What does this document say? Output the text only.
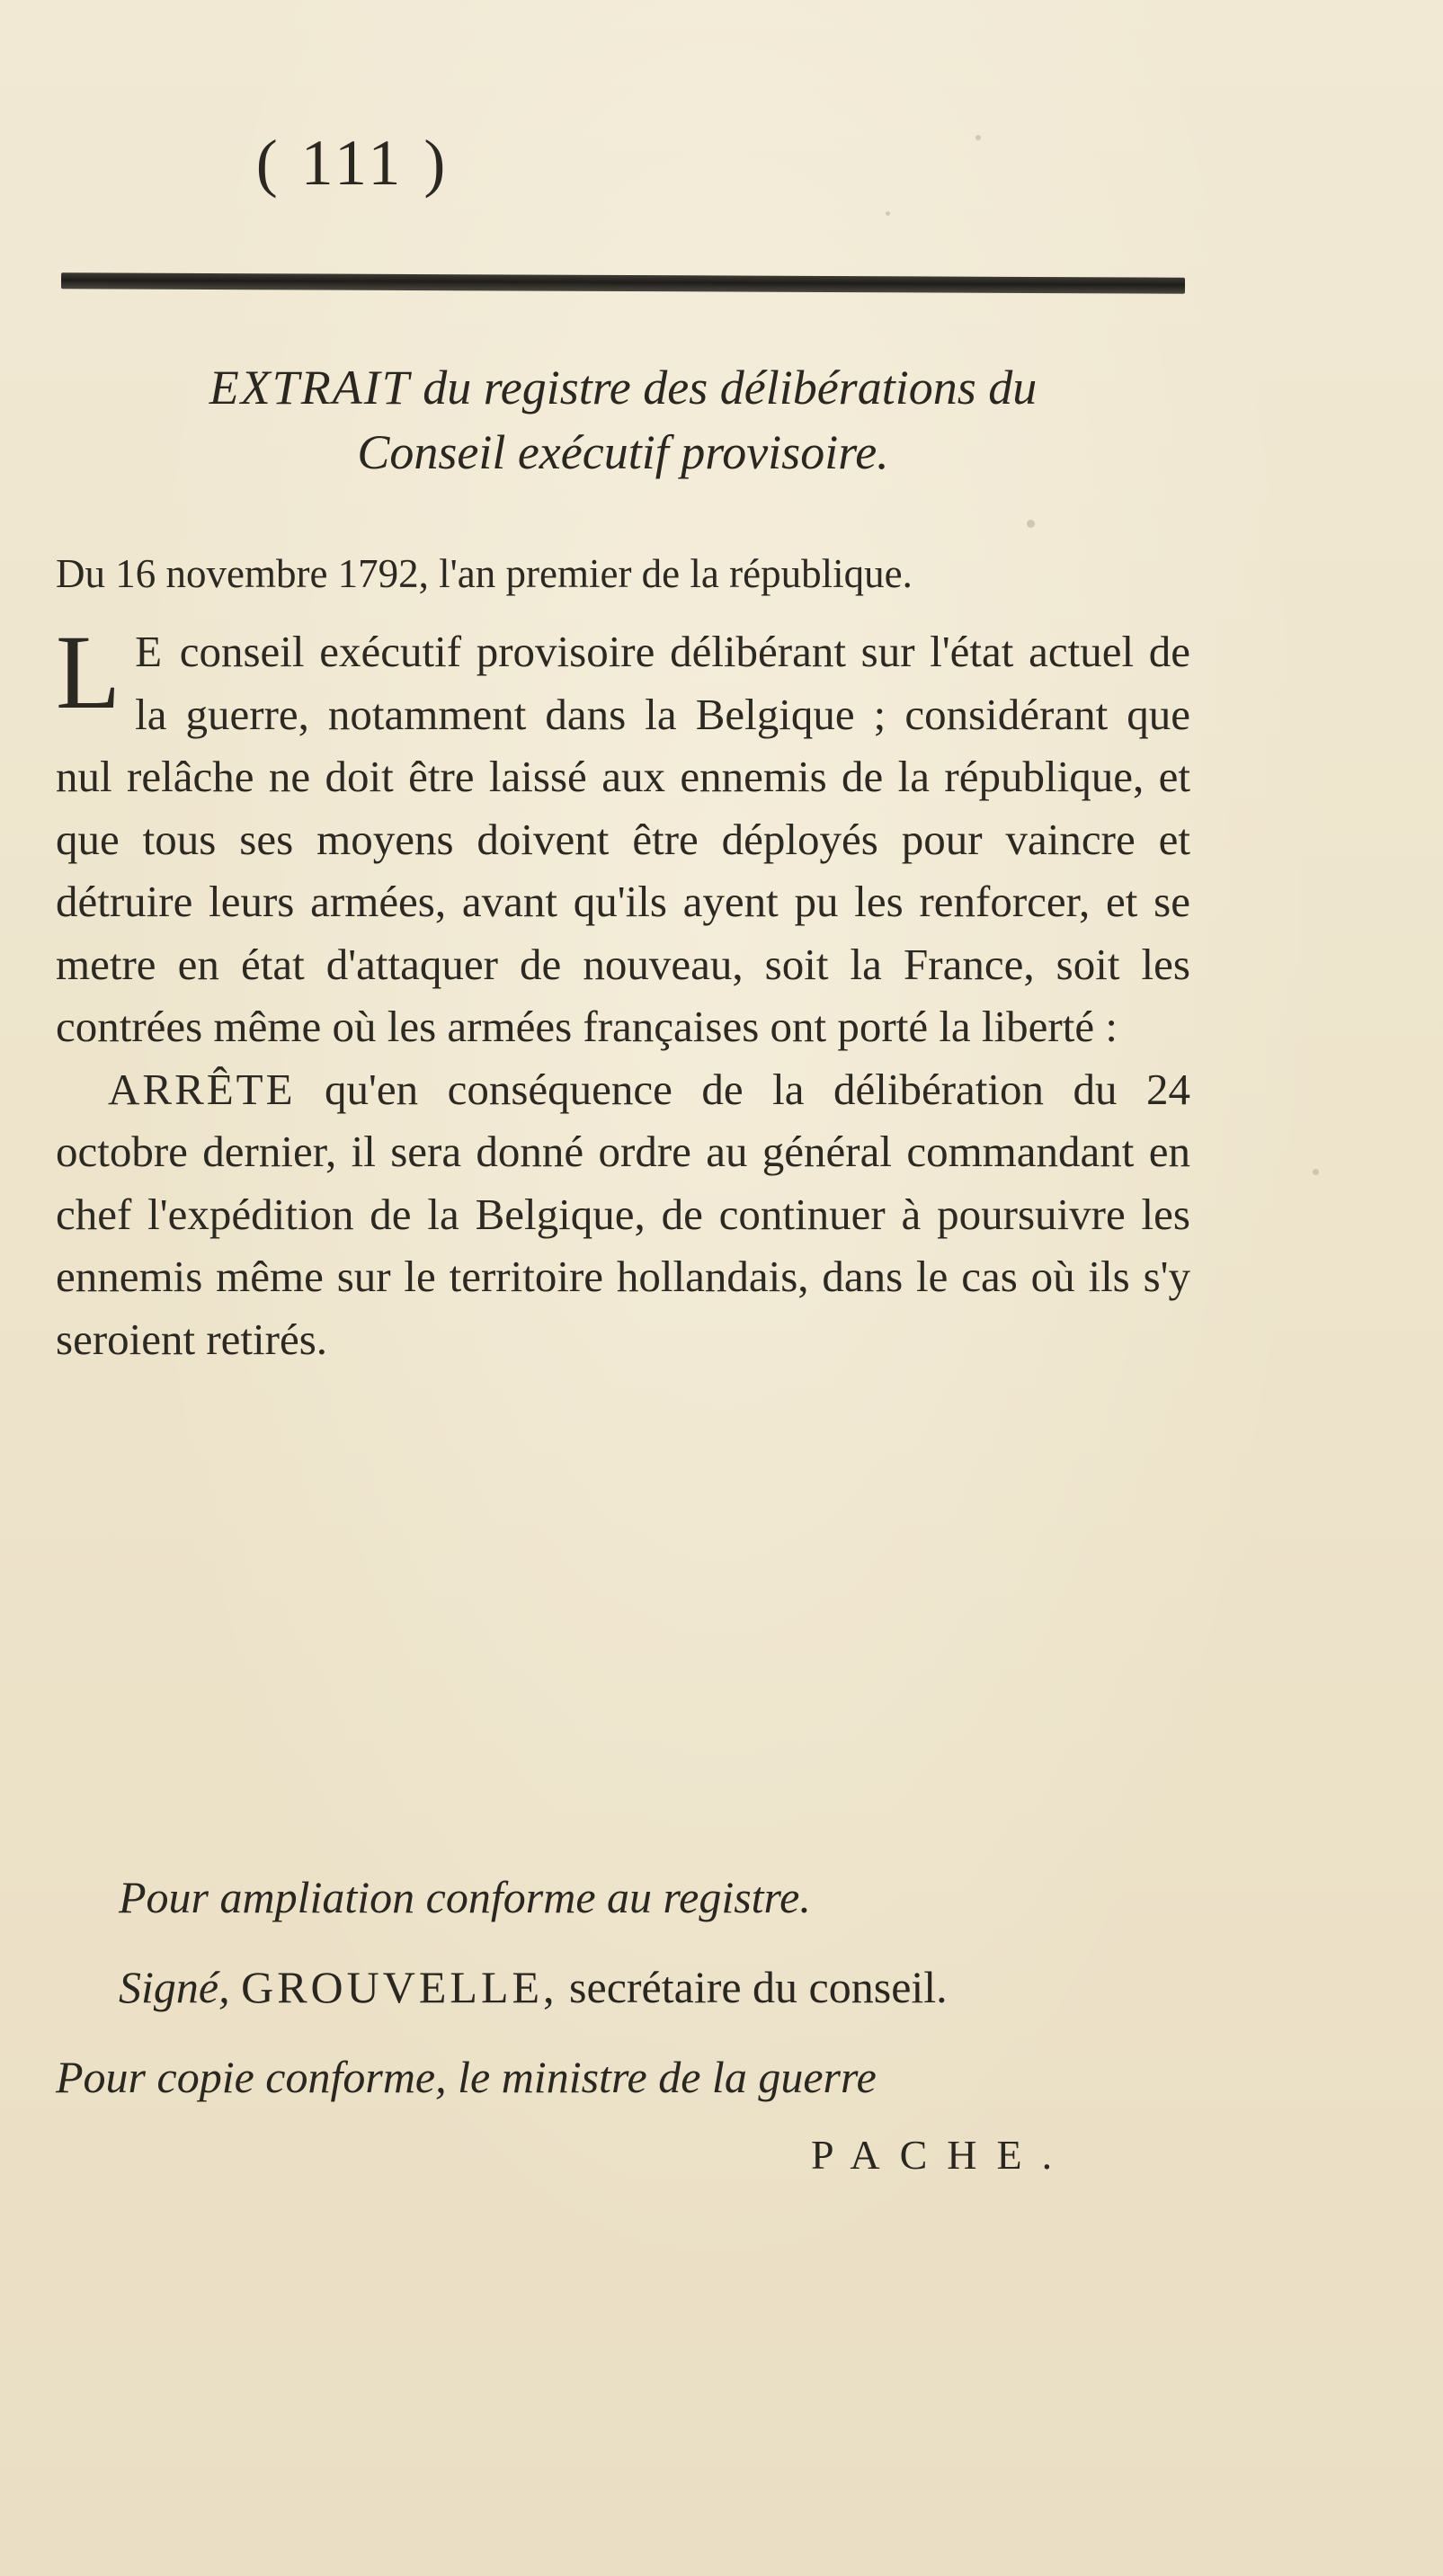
( 111 )
EXTRAIT du registre des délibérations du
Conseil exécutif provisoire.
Du 16 novembre 1792, l'an premier de la république.

L E conseil exécutif provisoire délibérant sur l'état actuel de la guerre, notamment dans la Belgique ; considérant que nul relâche ne doit être laissé aux ennemis de la république, et que tous ses moyens doivent être déployés pour vaincre et détruire leurs armées, avant qu'ils ayent pu les renforcer, et se metre en état d'attaquer de nouveau, soit la France, soit les contrées même où les armées françaises ont porté la liberté :

ARRÊTE qu'en conséquence de la délibération du 24 octobre dernier, il sera donné ordre au général commandant en chef l'expédition de la Belgique, de continuer à poursuivre les ennemis même sur le territoire hollandais, dans le cas où ils s'y seroient retirés.

Pour ampliation conforme au registre.
Signé, GROUVELLE, secrétaire du conseil.
Pour copie conforme, le ministre de la guerre
PACHE.
